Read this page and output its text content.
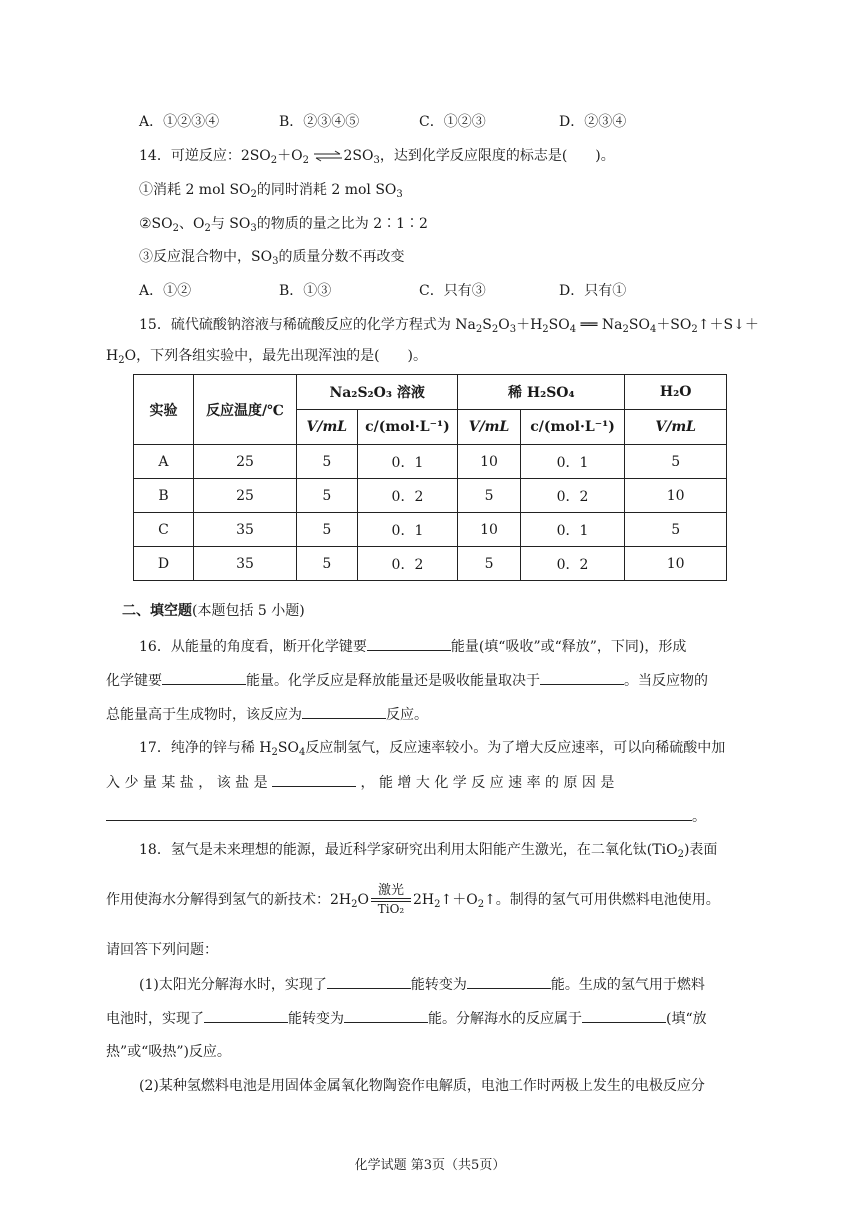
A．①②③④	B．②③④⑤	C．①②③	D．②③④
14．可逆反应：$2SO_2+O_2$ $\rightleftharpoons 2SO_3$，达到化学反应限度的标志是(　　)。
①消耗 2 mol $SO_2$的同时消耗 2 mol $SO_3$
$②SO_2$、$O_2$与 $SO_3$的物质的量之比为 2∶1∶2
③反应混合物中，$SO_3$的质量分数不再改变
A．①②	B．①③	C．只有③	D．只有①
15．硫代硫酸钠溶液与稀硫酸反应的化学方程式为 $Na_2S_2O_3+H_2SO_4$ ══ $Na_2SO_4+SO_2↑+S↓+$
$H_2O$，下列各组实验中，最先出现浑浊的是(　　)。
实验	反应温度/℃	Na₂S₂O₃ 溶液		稀 H₂SO₄		H₂O
		V/mL	c/(mol·L⁻¹)	V/mL	c/(mol·L⁻¹)	V/mL
A	25	5	0．1	10	0．1	5
B	25	5	0．2	5	0．2	10
C	35	5	0．1	10	0．1	5
D	35	5	0．2	5	0．2	10
二、填空题(本题包括 5 小题)
16．从能量的角度看，断开化学键要	能量(填“吸收”或“释放”，下同)，形成
化学键要	能量。化学反应是释放能量还是吸收能量取决于	。当反应物的
总能量高于生成物时，该反应为	反应。
17．纯净的锌与稀 $H_2SO_4$反应制氢气，反应速率较小。为了增大反应速率，可以向稀硫酸中加
入 少 量 某 盐 ， 该 盐 是	， 能 增 大 化 学 反 应 速 率 的 原 因 是
。
18．氢气是未来理想的能源，最近科学家研究出利用太阳能产生激光，在二氧化钛(TiO$_2$)表面
作用使海水分解得到氢气的新技术：$2H_2O \frac{\text{激光}}{\text{TiO₂}}$ $2H_2↑+O_2↑$。制得的氢气可用供燃料电池使用。
请回答下列问题：
(1)太阳光分解海水时，实现了	能转变为	能。生成的氢气用于燃料
电池时，实现了	能转变为	能。分解海水的反应属于	(填“放
热”或“吸热”)反应。
(2)某种氢燃料电池是用固体金属氧化物陶瓷作电解质，电池工作时两极上发生的电极反应分
化学试题 第3页（共5页）
